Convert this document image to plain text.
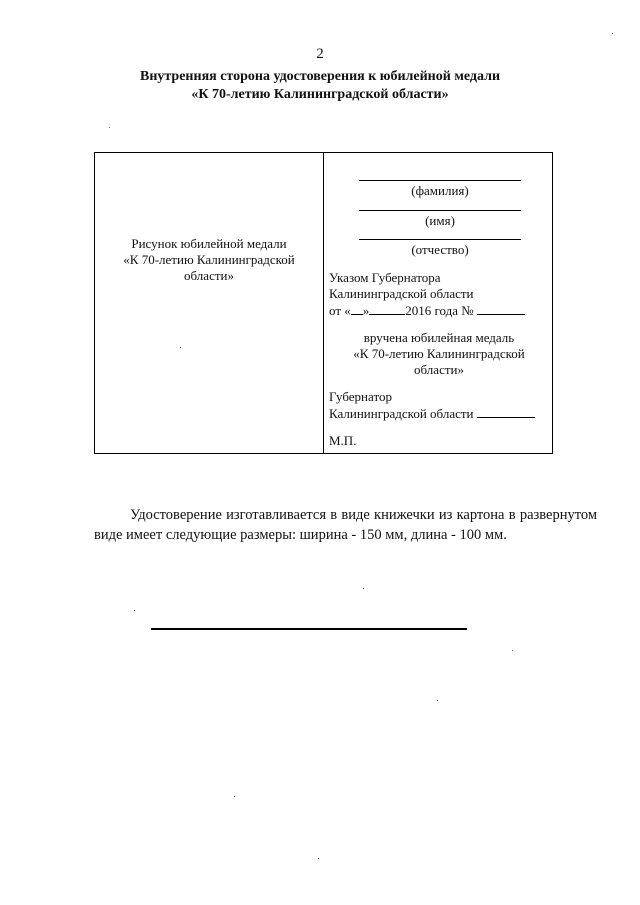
2
Внутренняя сторона удостоверения к юбилейной медали
«К 70-летию Калининградской области»
Рисунок юбилейной медали
«К 70-летию Калининградской
области»
(фамилия)
(имя)
(отчество)
Указом Губернатора
Калининградской области
от « »	2016 года №
вручена юбилейная медаль
«К 70-летию Калининградской
области»
Губернатор
Калининградской области
М.П.
Удостоверение изготавливается в виде книжечки из картона в развернутом виде имеет следующие размеры: ширина - 150 мм, длина - 100 мм.
